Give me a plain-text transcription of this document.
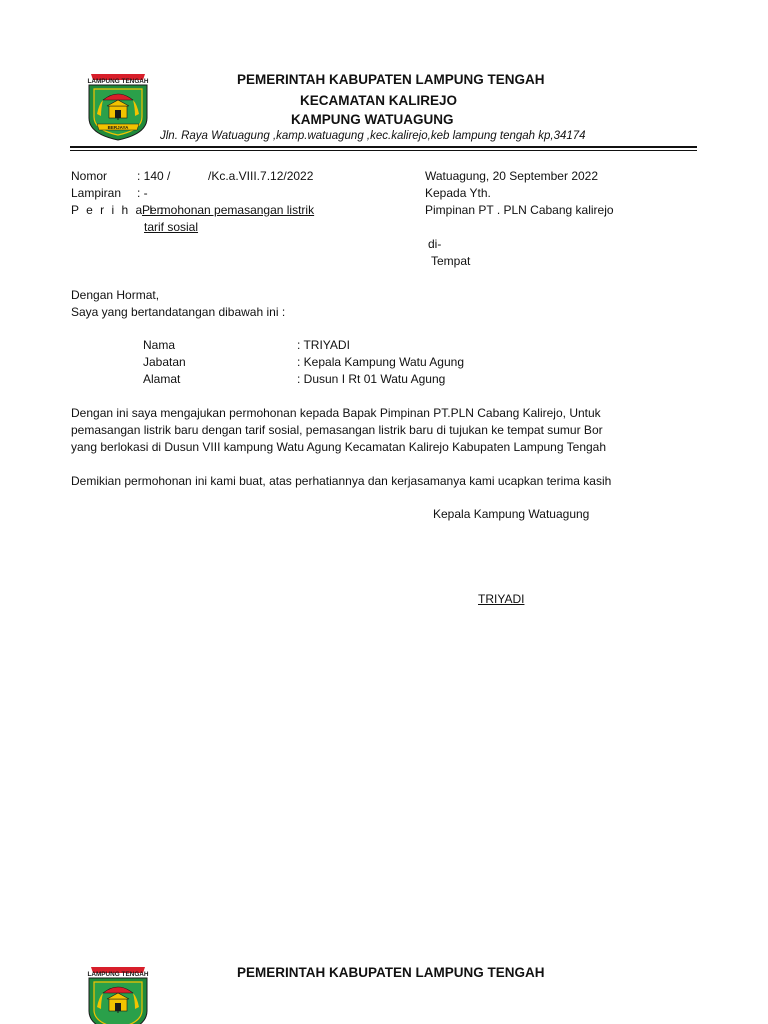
LAMPUNG TENGAH
BERJAYA
PEMERINTAH KABUPATEN LAMPUNG TENGAH
KECAMATAN KALIREJO
KAMPUNG WATUAGUNG
Jln. Raya Watuagung ,kamp.watuagung ,kec.kalirejo,keb lampung tengah kp,34174
Nomor : 140 /	/Kc.a.VIII.7.12/2022
Lampiran : -
P e r i h a l :
Permohonan pemasangan listrik
tarif sosial
Watuagung, 20 September 2022
Kepada Yth.
Pimpinan PT . PLN Cabang kalirejo
di-
Tempat
Dengan Hormat,
Saya yang bertandatangan dibawah ini :
Nama	: TRIYADI
Jabatan	: Kepala Kampung Watu Agung
Alamat	: Dusun I Rt 01 Watu Agung
Dengan ini saya mengajukan permohonan kepada Bapak Pimpinan PT.PLN Cabang Kalirejo, Untuk
pemasangan listrik baru dengan tarif sosial, pemasangan listrik baru di tujukan ke tempat sumur Bor
yang berlokasi di Dusun VIII kampung Watu Agung Kecamatan Kalirejo Kabupaten Lampung Tengah
Demikian permohonan ini kami buat, atas perhatiannya dan kerjasamanya kami ucapkan terima kasih
Kepala Kampung Watuagung
TRIYADI
LAMPUNG TENGAH	PEMERINTAH KABUPATEN LAMPUNG TENGAH
